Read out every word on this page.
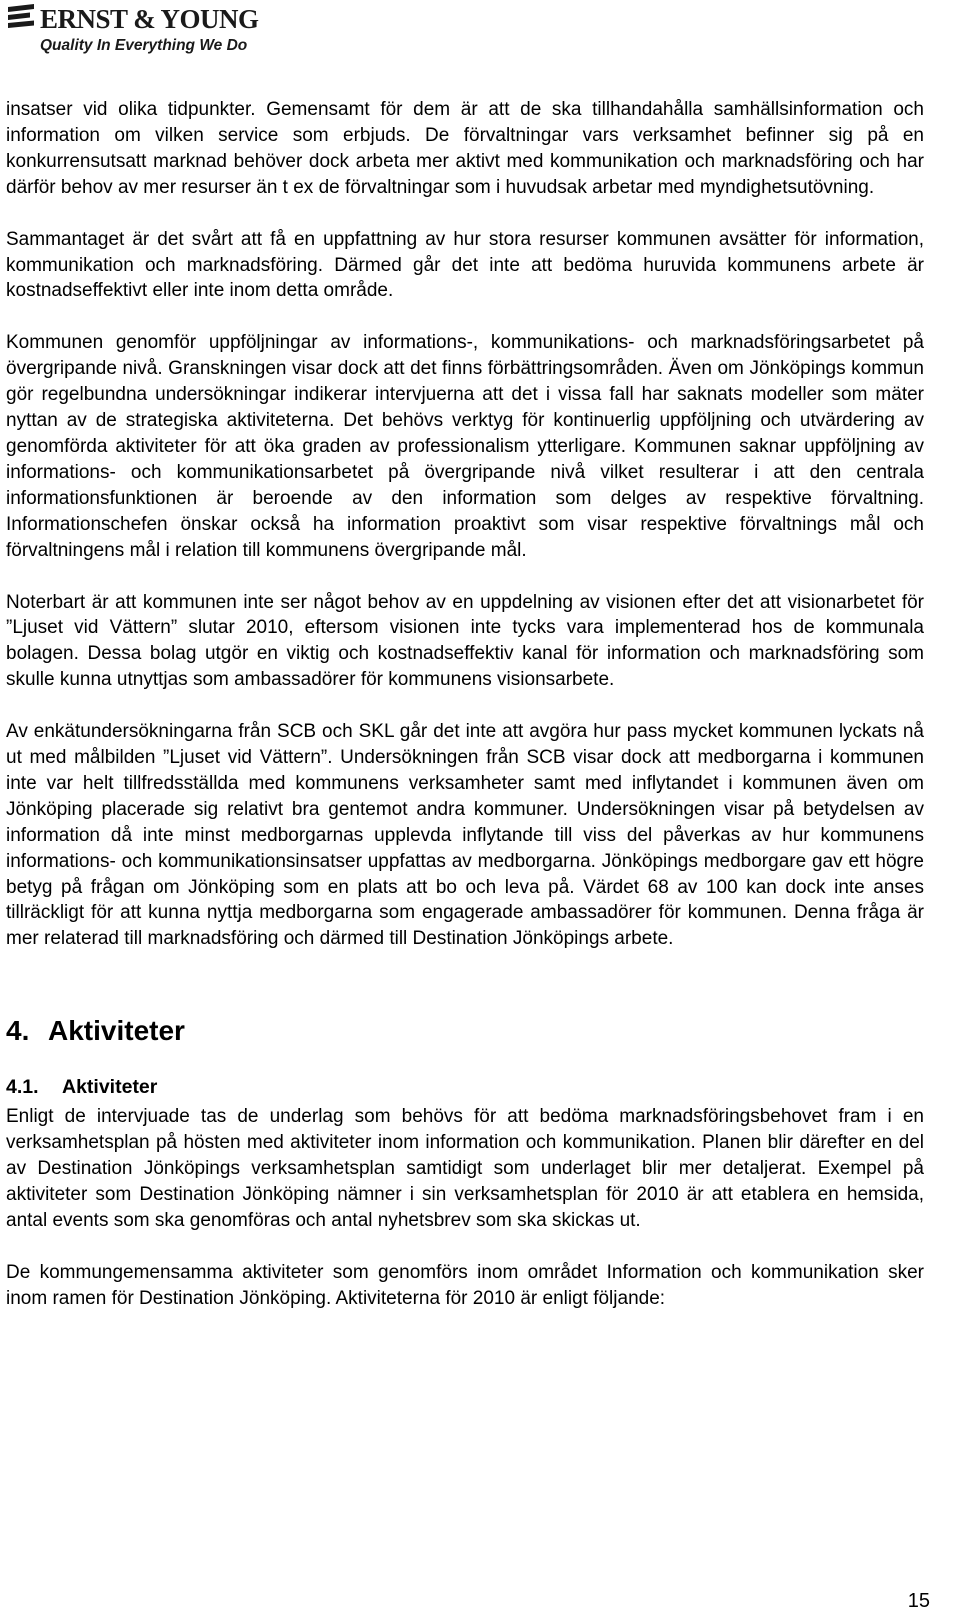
ERNST & YOUNG
Quality In Everything We Do

insatser vid olika tidpunkter. Gemensamt för dem är att de ska tillhandahålla samhällsinformation och information om vilken service som erbjuds. De förvaltningar vars verksamhet befinner sig på en konkurrensutsatt marknad behöver dock arbeta mer aktivt med kommunikation och marknadsföring och har därför behov av mer resurser än t ex de förvaltningar som i huvudsak arbetar med myndighetsutövning.

Sammantaget är det svårt att få en uppfattning av hur stora resurser kommunen avsätter för information, kommunikation och marknadsföring. Därmed går det inte att bedöma huruvida kommunens arbete är kostnadseffektivt eller inte inom detta område.

Kommunen genomför uppföljningar av informations-, kommunikations- och marknadsföringsarbetet på övergripande nivå. Granskningen visar dock att det finns förbättringsområden. Även om Jönköpings kommun gör regelbundna undersökningar indikerar intervjuerna att det i vissa fall har saknats modeller som mäter nyttan av de strategiska aktiviteterna. Det behövs verktyg för kontinuerlig uppföljning och utvärdering av genomförda aktiviteter för att öka graden av professionalism ytterligare. Kommunen saknar uppföljning av informations- och kommunikationsarbetet på övergripande nivå vilket resulterar i att den centrala informationsfunktionen är beroende av den information som delges av respektive förvaltning. Informationschefen önskar också ha information proaktivt som visar respektive förvaltnings mål och förvaltningens mål i relation till kommunens övergripande mål.

Noterbart är att kommunen inte ser något behov av en uppdelning av visionen efter det att visionarbetet för ”Ljuset vid Vättern” slutar 2010, eftersom visionen inte tycks vara implementerad hos de kommunala bolagen. Dessa bolag utgör en viktig och kostnadseffektiv kanal för information och marknadsföring som skulle kunna utnyttjas som ambassadörer för kommunens visionsarbete.

Av enkätundersökningarna från SCB och SKL går det inte att avgöra hur pass mycket kommunen lyckats nå ut med målbilden ”Ljuset vid Vättern”. Undersökningen från SCB visar dock att medborgarna i kommunen inte var helt tillfredsställda med kommunens verksamheter samt med inflytandet i kommunen även om Jönköping placerade sig relativt bra gentemot andra kommuner. Undersökningen visar på betydelsen av information då inte minst medborgarnas upplevda inflytande till viss del påverkas av hur kommunens informations- och kommunikationsinsatser uppfattas av medborgarna. Jönköpings medborgare gav ett högre betyg på frågan om Jönköping som en plats att bo och leva på. Värdet 68 av 100 kan dock inte anses tillräckligt för att kunna nyttja medborgarna som engagerade ambassadörer för kommunen. Denna fråga är mer relaterad till marknadsföring och därmed till Destination Jönköpings arbete.

4. Aktiviteter
4.1. Aktiviteter

Enligt de intervjuade tas de underlag som behövs för att bedöma marknadsföringsbehovet fram i en verksamhetsplan på hösten med aktiviteter inom information och kommunikation. Planen blir därefter en del av Destination Jönköpings verksamhetsplan samtidigt som underlaget blir mer detaljerat. Exempel på aktiviteter som Destination Jönköping nämner i sin verksamhetsplan för 2010 är att etablera en hemsida, antal events som ska genomföras och antal nyhetsbrev som ska skickas ut.

De kommungemensamma aktiviteter som genomförs inom området Information och kommunikation sker inom ramen för Destination Jönköping. Aktiviteterna för 2010 är enligt följande:

15
